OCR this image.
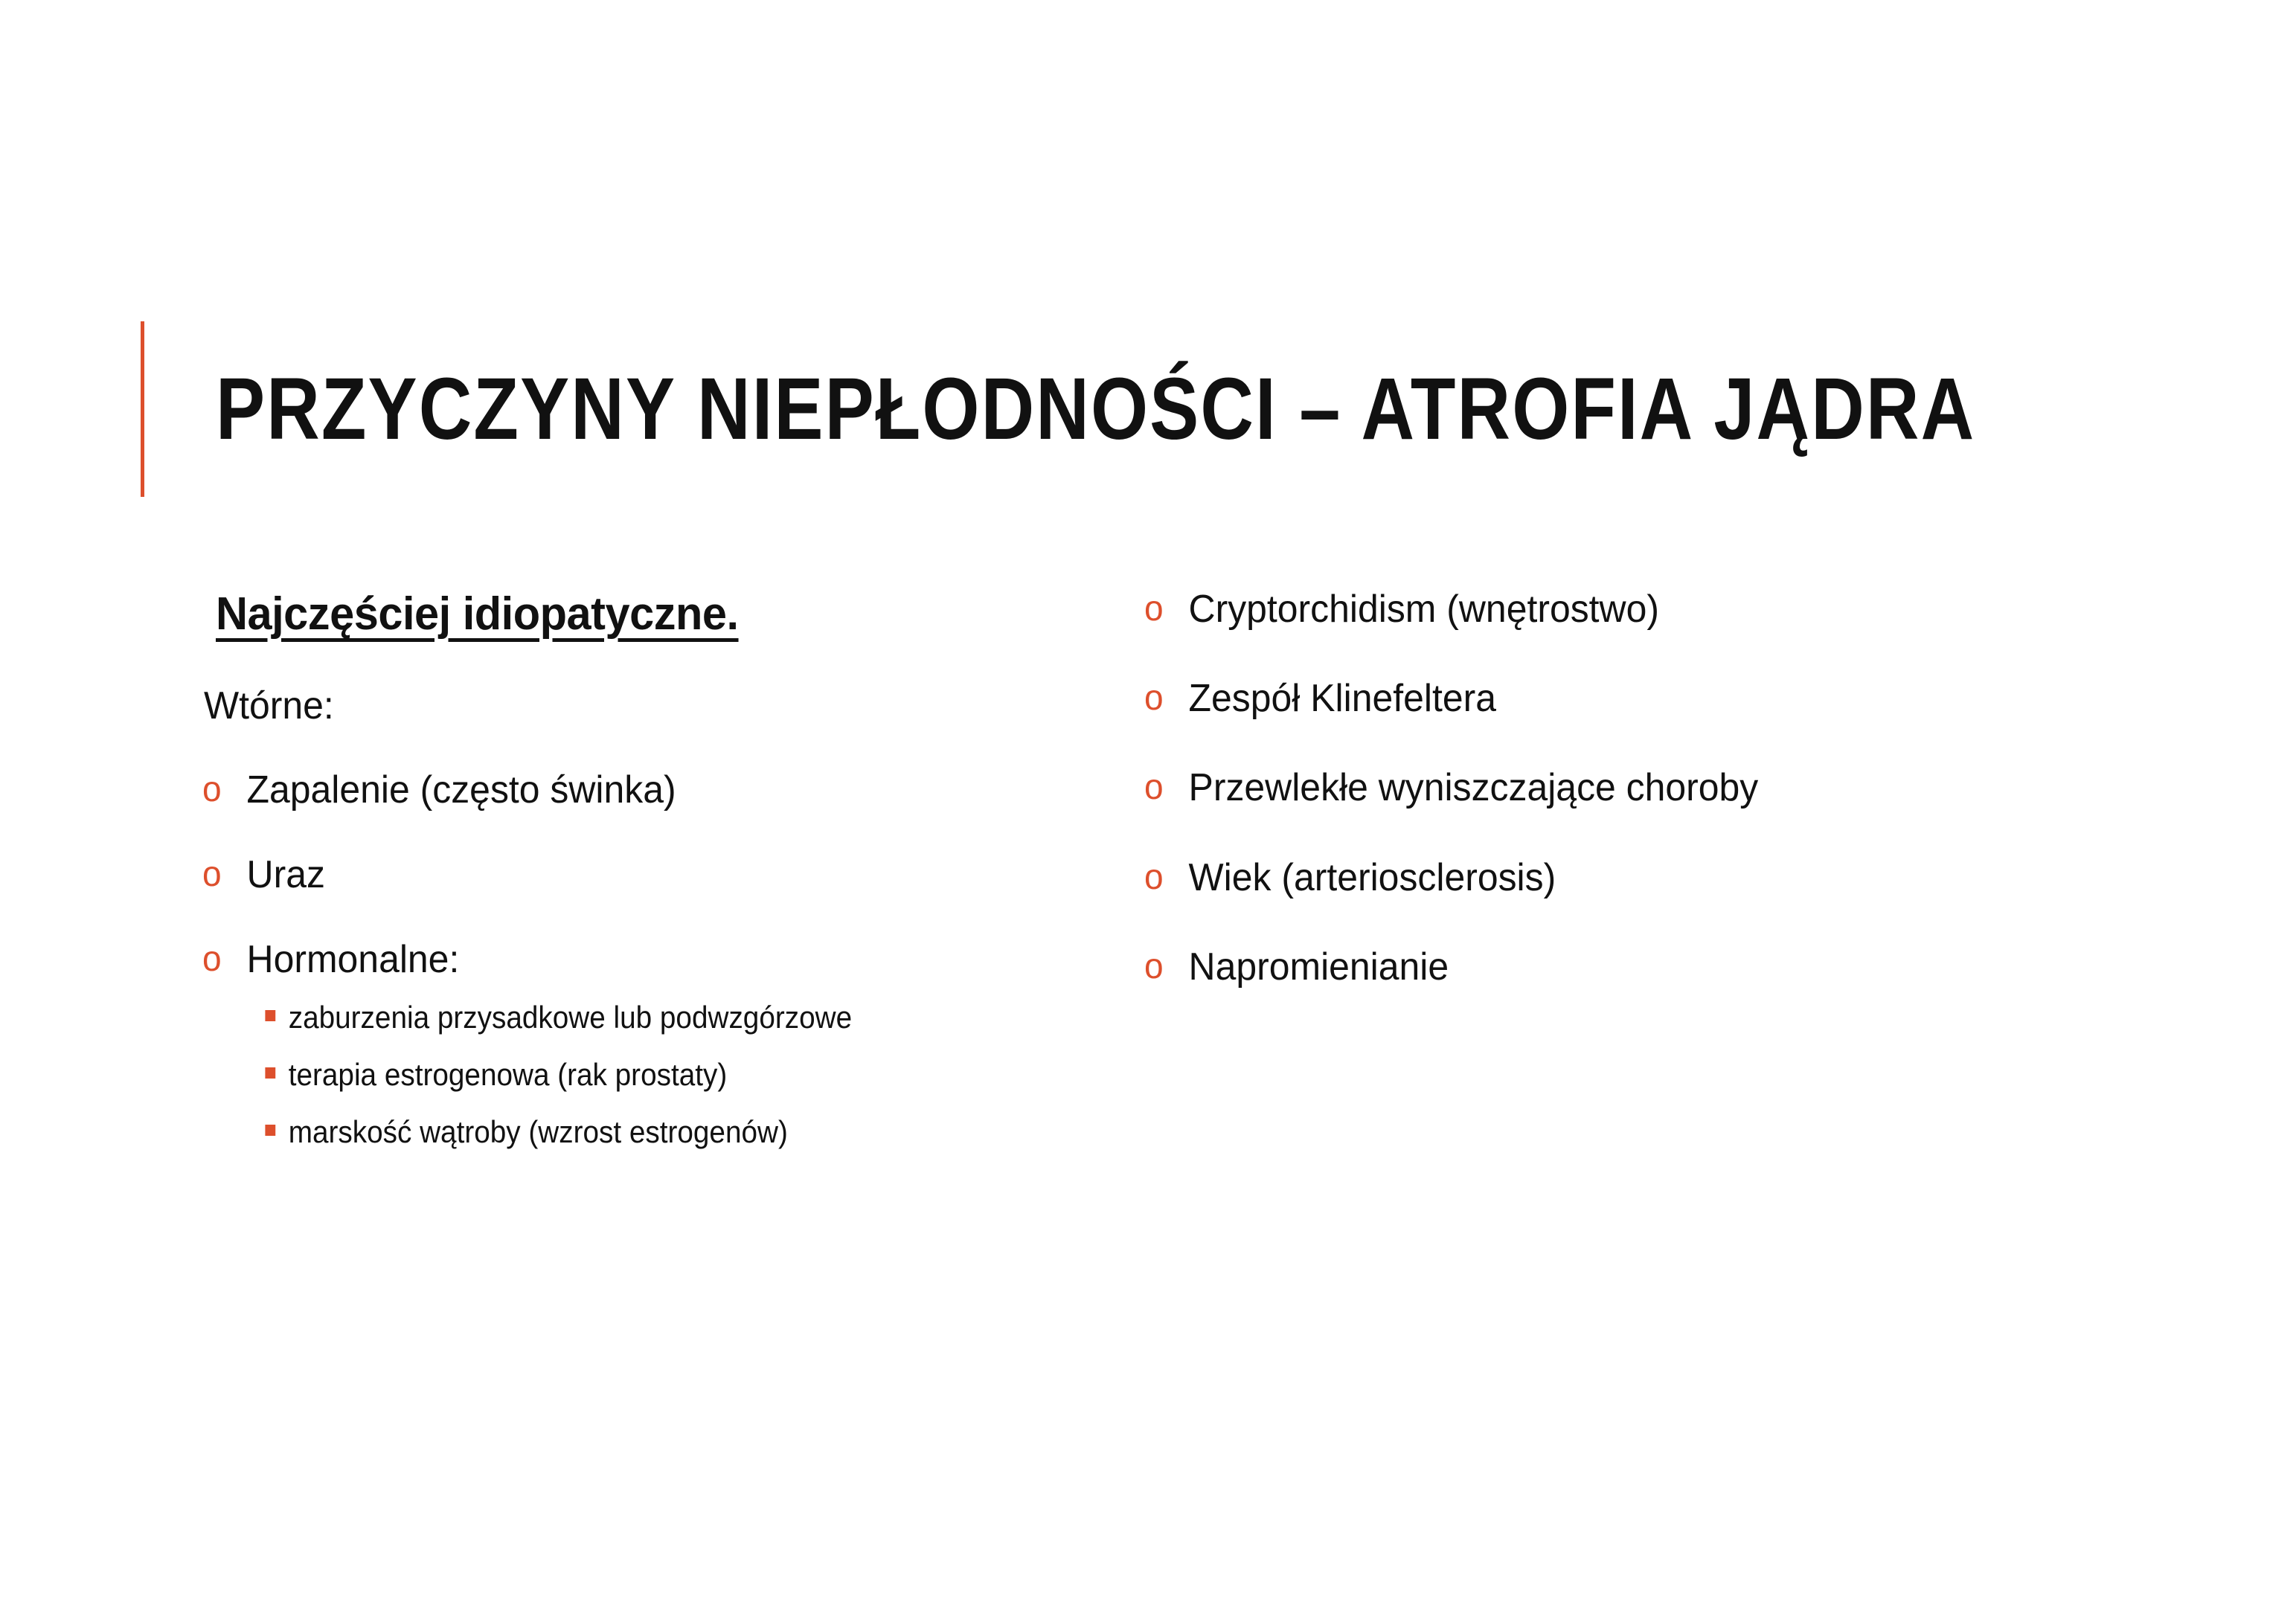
PRZYCZYNY NIEPŁODNOŚCI – ATROFIA JĄDRA
Najczęściej idiopatyczne.
Wtórne:
o Zapalenie (często świnka)
o Uraz
o Hormonalne:
zaburzenia przysadkowe lub podwzgórzowe
terapia estrogenowa (rak prostaty)
marskość wątroby (wzrost estrogenów)
o Cryptorchidism (wnętrostwo)
o Zespół Klinefeltera
o Przewlekłe wyniszczające choroby
o Wiek (arteriosclerosis)
o Napromienianie
